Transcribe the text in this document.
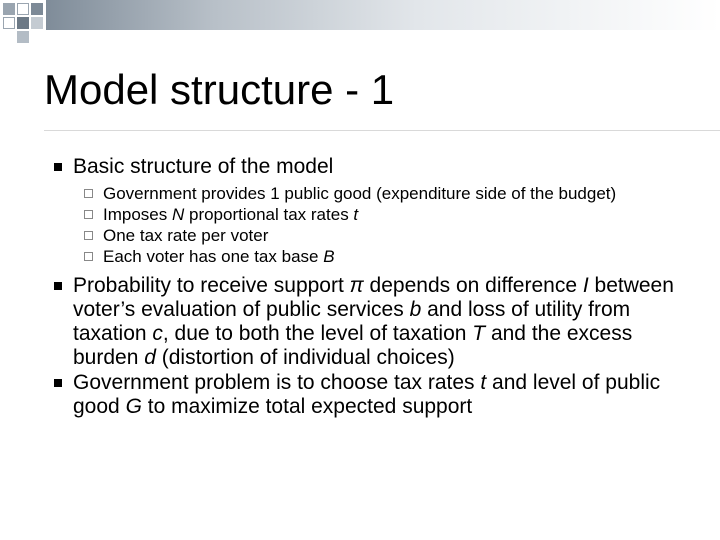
Model structure - 1
Basic structure of the model
Government provides 1 public good (expenditure side of the budget)
Imposes N proportional tax rates t
One tax rate per voter
Each voter has one tax base B
Probability to receive support π depends on difference I between voter’s evaluation of public services b and loss of utility from taxation c, due to both the level of taxation T and the excess burden d (distortion of individual choices)
Government problem is to choose tax rates t and level of public good G to maximize total expected support
